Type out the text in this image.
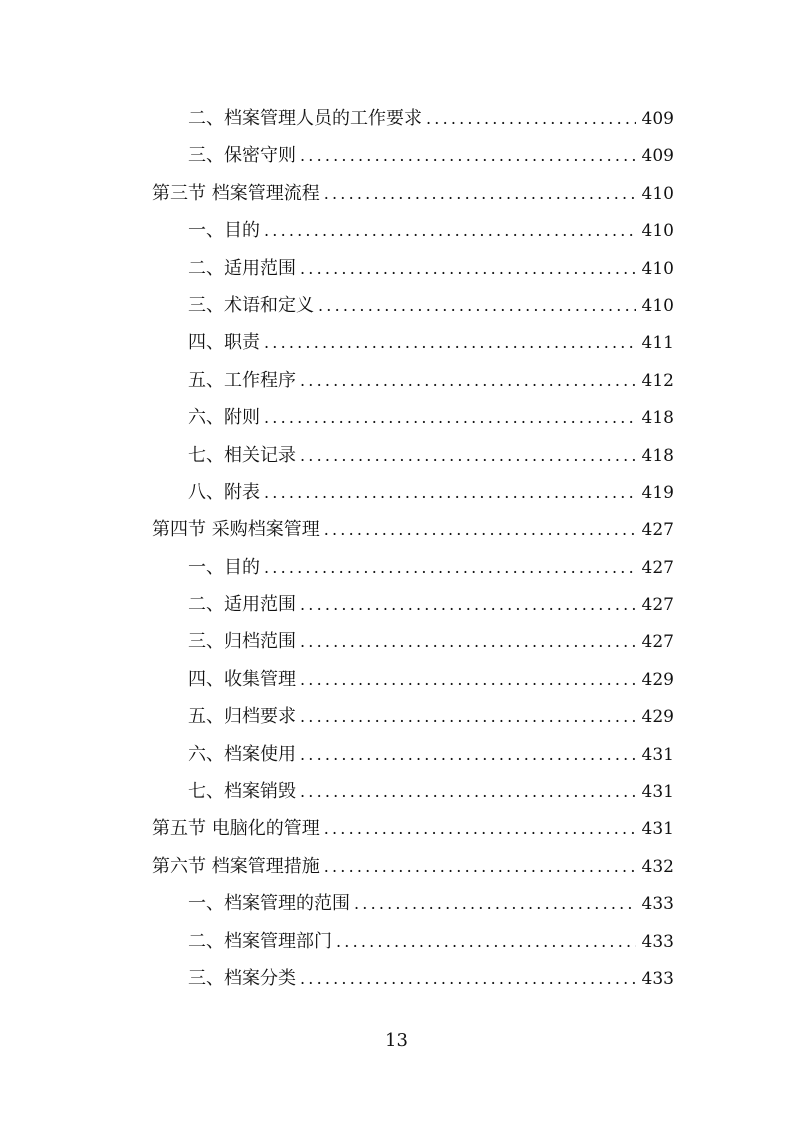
二、档案管理人员的工作要求 .....	409
三、保密守则 .....	409
第三节 档案管理流程 .....	410
一、目的 .....	410
二、适用范围 .....	410
三、术语和定义 .....	410
四、职责 .....	411
五、工作程序 .....	412
六、附则 .....	418
七、相关记录 .....	418
八、附表 .....	419
第四节 采购档案管理 .....	427
一、目的 .....	427
二、适用范围 .....	427
三、归档范围 .....	427
四、收集管理 .....	429
五、归档要求 .....	429
六、档案使用 .....	431
七、档案销毁 .....	431
第五节 电脑化的管理 .....	431
第六节 档案管理措施 .....	432
一、档案管理的范围 .....	433
二、档案管理部门 .....	433
三、档案分类 .....	433
13
